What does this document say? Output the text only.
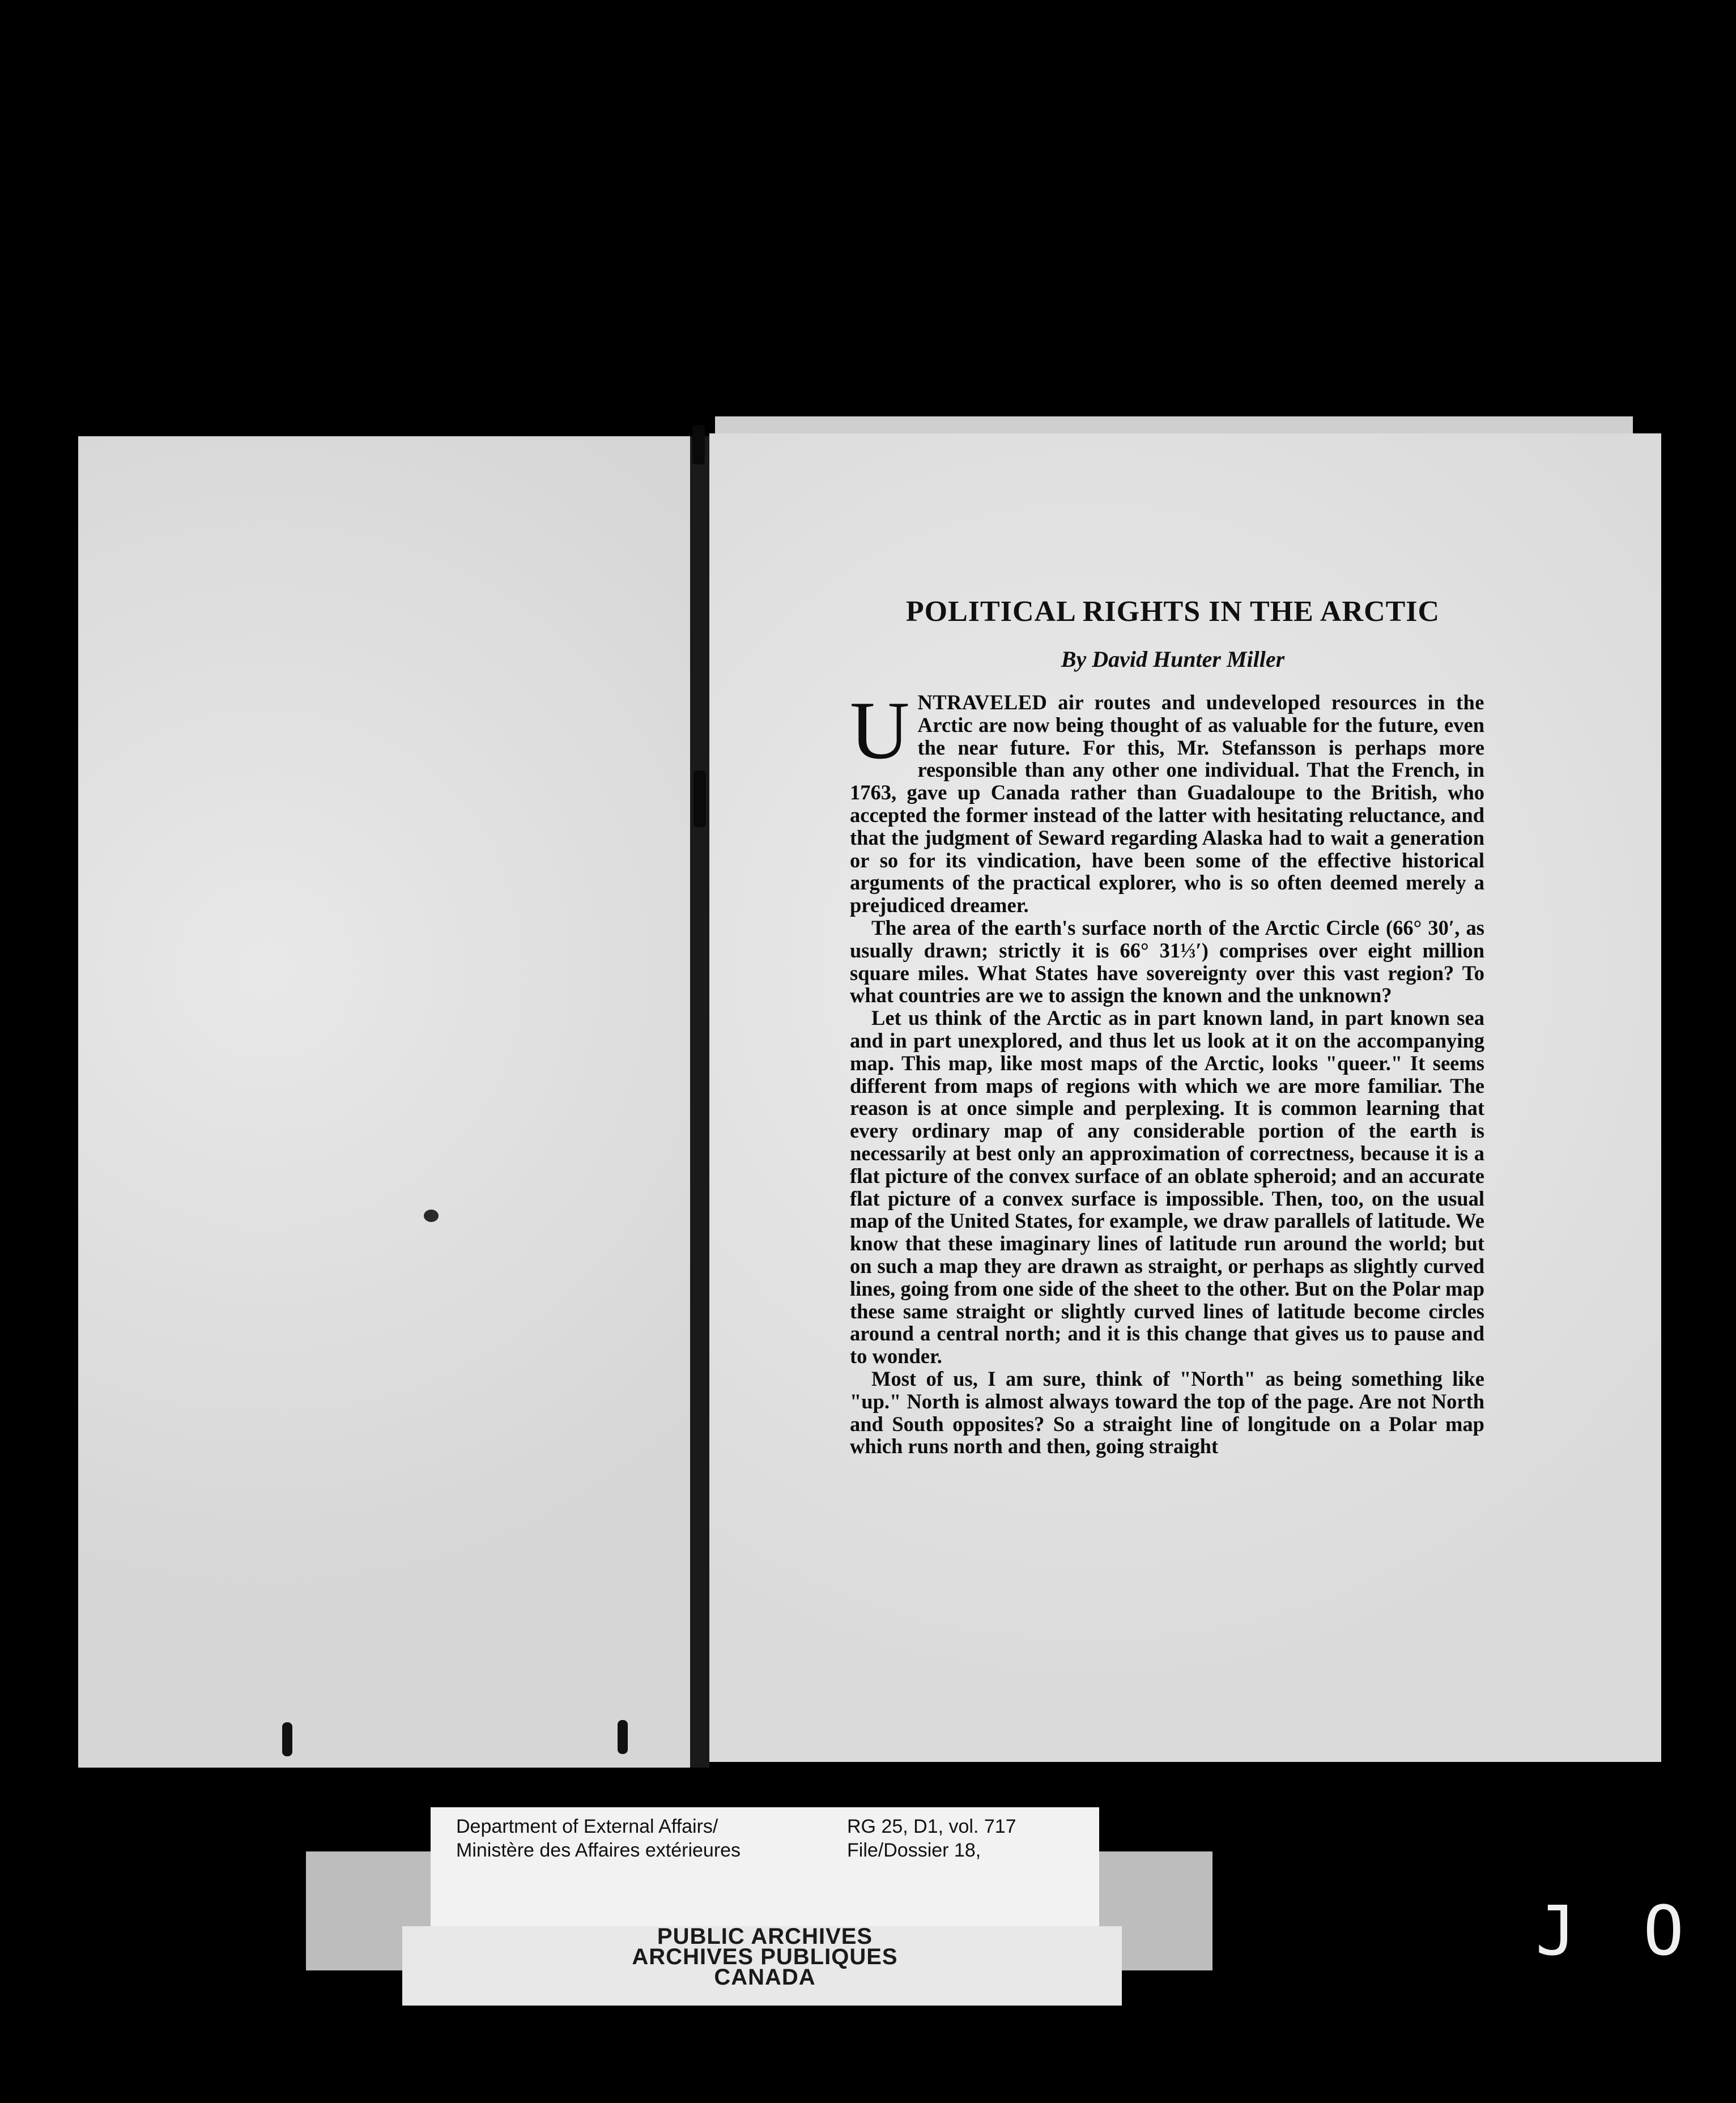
POLITICAL RIGHTS IN THE ARCTIC
By David Hunter Miller

UNTRAVELED air routes and undeveloped resources in the Arctic are now being thought of as valuable for the future, even the near future. For this, Mr. Stefansson is perhaps more responsible than any other one individual. That the French, in 1763, gave up Canada rather than Guadaloupe to the British, who accepted the former instead of the latter with hesitating reluctance, and that the judgment of Seward regarding Alaska had to wait a generation or so for its vindication, have been some of the effective historical arguments of the practical explorer, who is so often deemed merely a prejudiced dreamer.

The area of the earth's surface north of the Arctic Circle (66° 30′, as usually drawn; strictly it is 66° 31⅓′) comprises over eight million square miles. What States have sovereignty over this vast region? To what countries are we to assign the known and the unknown?

Let us think of the Arctic as in part known land, in part known sea and in part unexplored, and thus let us look at it on the accompanying map. This map, like most maps of the Arctic, looks "queer." It seems different from maps of regions with which we are more familiar. The reason is at once simple and perplexing. It is common learning that every ordinary map of any considerable portion of the earth is necessarily at best only an approximation of correctness, because it is a flat picture of the convex surface of an oblate spheroid; and an accurate flat picture of a convex surface is impossible. Then, too, on the usual map of the United States, for example, we draw parallels of latitude. We know that these imaginary lines of latitude run around the world; but on such a map they are drawn as straight, or perhaps as slightly curved lines, going from one side of the sheet to the other. But on the Polar map these same straight or slightly curved lines of latitude become circles around a central north; and it is this change that gives us to pause and to wonder.

Most of us, I am sure, think of "North" as being something like "up." North is almost always toward the top of the page. Are not North and South opposites? So a straight line of longitude on a Polar map which runs north and then, going straight

Department of External Affairs/
Ministère des Affaires extérieures
RG 25, D1, vol. 717
File/Dossier 18,
PUBLIC ARCHIVES
ARCHIVES PUBLIQUES
CANADA
J O
